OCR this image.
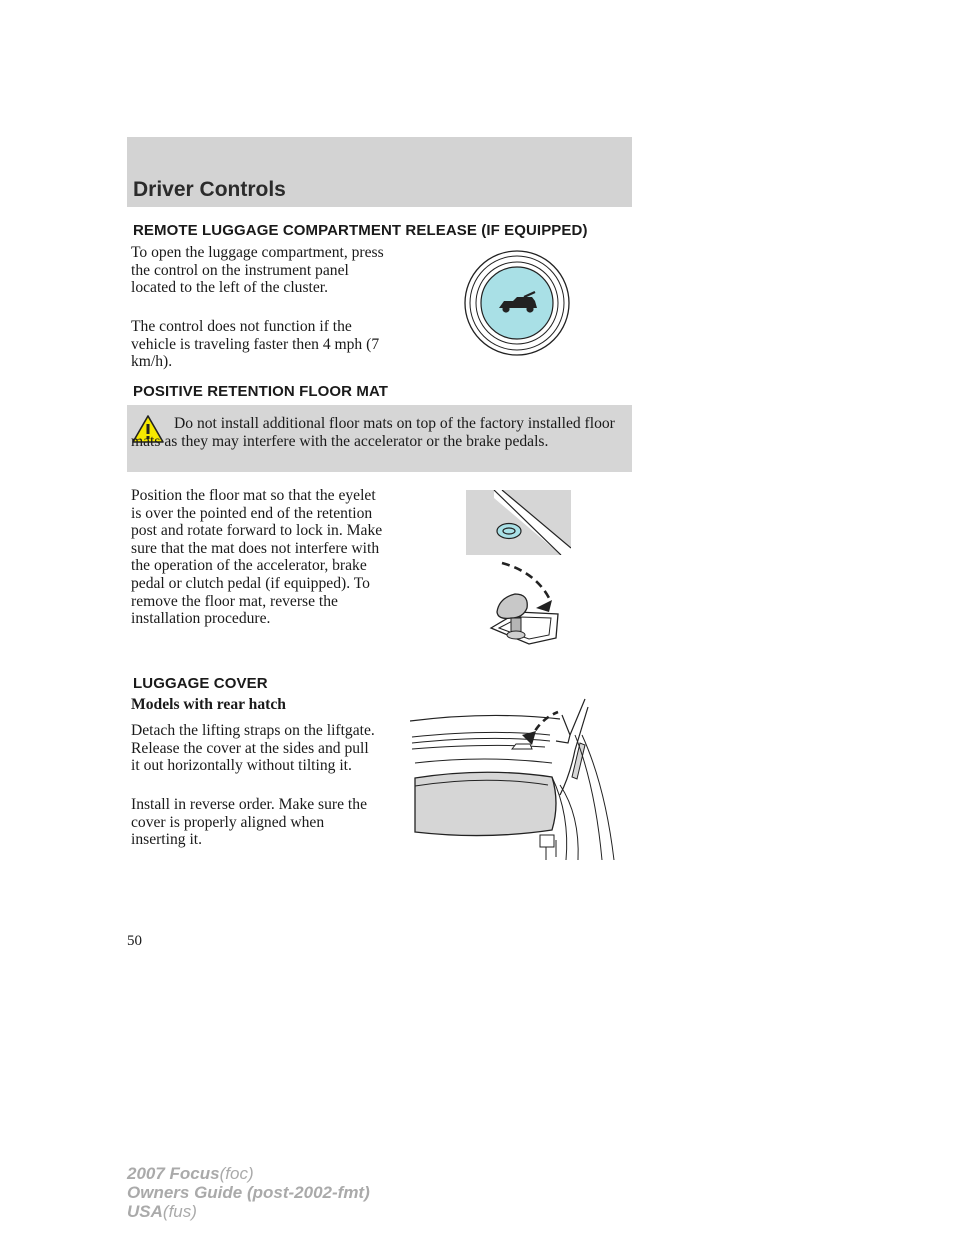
Driver Controls
REMOTE LUGGAGE COMPARTMENT RELEASE (IF EQUIPPED)

To open the luggage compartment, press the control on the instrument panel located to the left of the cluster.

The control does not function if the vehicle is traveling faster then 4 mph (7 km/h).

POSITIVE RETENTION FLOOR MAT

Do not install additional floor mats on top of the factory installed floor mats as they may interfere with the accelerator or the brake pedals.

Position the floor mat so that the eyelet is over the pointed end of the retention post and rotate forward to lock in. Make sure that the mat does not interfere with the operation of the accelerator, brake pedal or clutch pedal (if equipped). To remove the floor mat, reverse the installation procedure.

LUGGAGE COVER

Models with rear hatch

Detach the lifting straps on the liftgate. Release the cover at the sides and pull it out horizontally without tilting it.

Install in reverse order. Make sure the cover is properly aligned when inserting it.

50
2007 Focus(foc)
Owners Guide (post-2002-fmt)
USA(fus)
